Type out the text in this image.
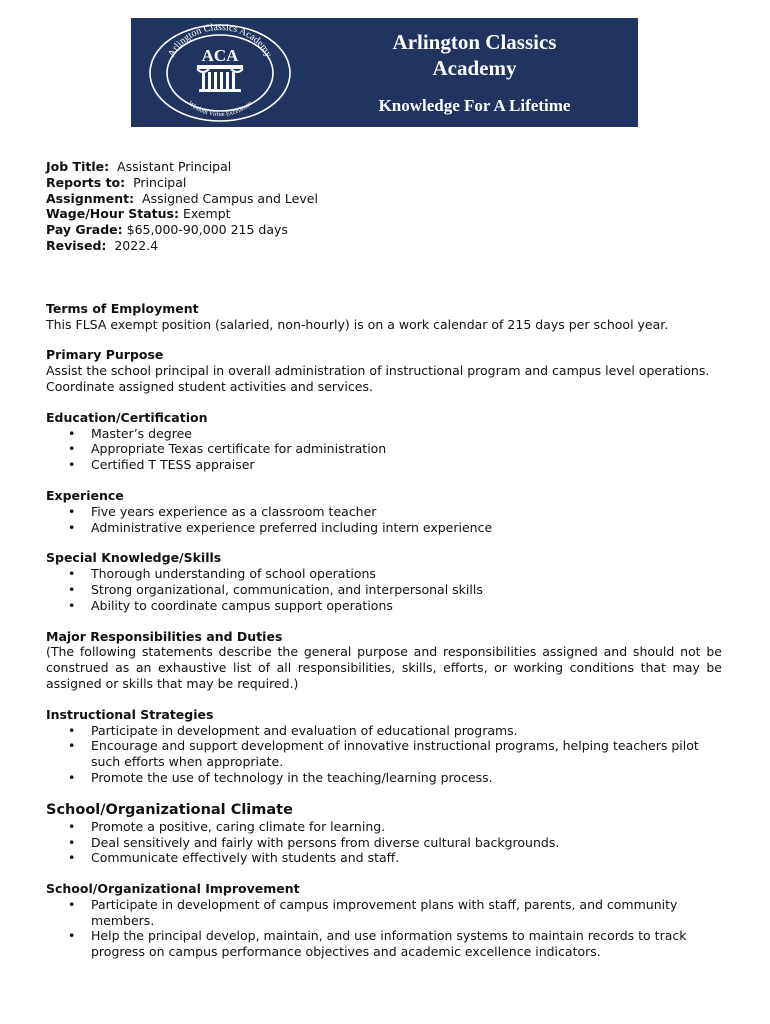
Arlington Classics Academy
Wisdom Virtue Excellence
ACA
Arlington Classics
Academy
Knowledge For A Lifetime

Job Title: Assistant Principal

Reports to: Principal

Assignment: Assigned Campus and Level

Wage/Hour Status: Exempt

Pay Grade: $65,000-90,000 215 days

Revised: 2022.4

Terms of Employment

This FLSA exempt position (salaried, non-hourly) is on a work calendar of 215 days per school year.

Primary Purpose

Assist the school principal in overall administration of instructional program and campus level operations. Coordinate assigned student activities and services.

Education/Certification
• Master’s degree
• Appropriate Texas certificate for administration
• Certified T TESS appraiser
Experience
• Five years experience as a classroom teacher
• Administrative experience preferred including intern experience
Special Knowledge/Skills
• Thorough understanding of school operations
• Strong organizational, communication, and interpersonal skills
• Ability to coordinate campus support operations
Major Responsibilities and Duties

(The following statements describe the general purpose and responsibilities assigned and should not be construed as an exhaustive list of all responsibilities, skills, efforts, or working conditions that may be assigned or skills that may be required.)

Instructional Strategies
• Participate in development and evaluation of educational programs.
• Encourage and support development of innovative instructional programs, helping teachers pilot such efforts when appropriate.
• Promote the use of technology in the teaching/learning process.
School/Organizational Climate
• Promote a positive, caring climate for learning.
• Deal sensitively and fairly with persons from diverse cultural backgrounds.
• Communicate effectively with students and staff.
School/Organizational Improvement
• Participate in development of campus improvement plans with staff, parents, and community members.
• Help the principal develop, maintain, and use information systems to maintain records to track progress on campus performance objectives and academic excellence indicators.
